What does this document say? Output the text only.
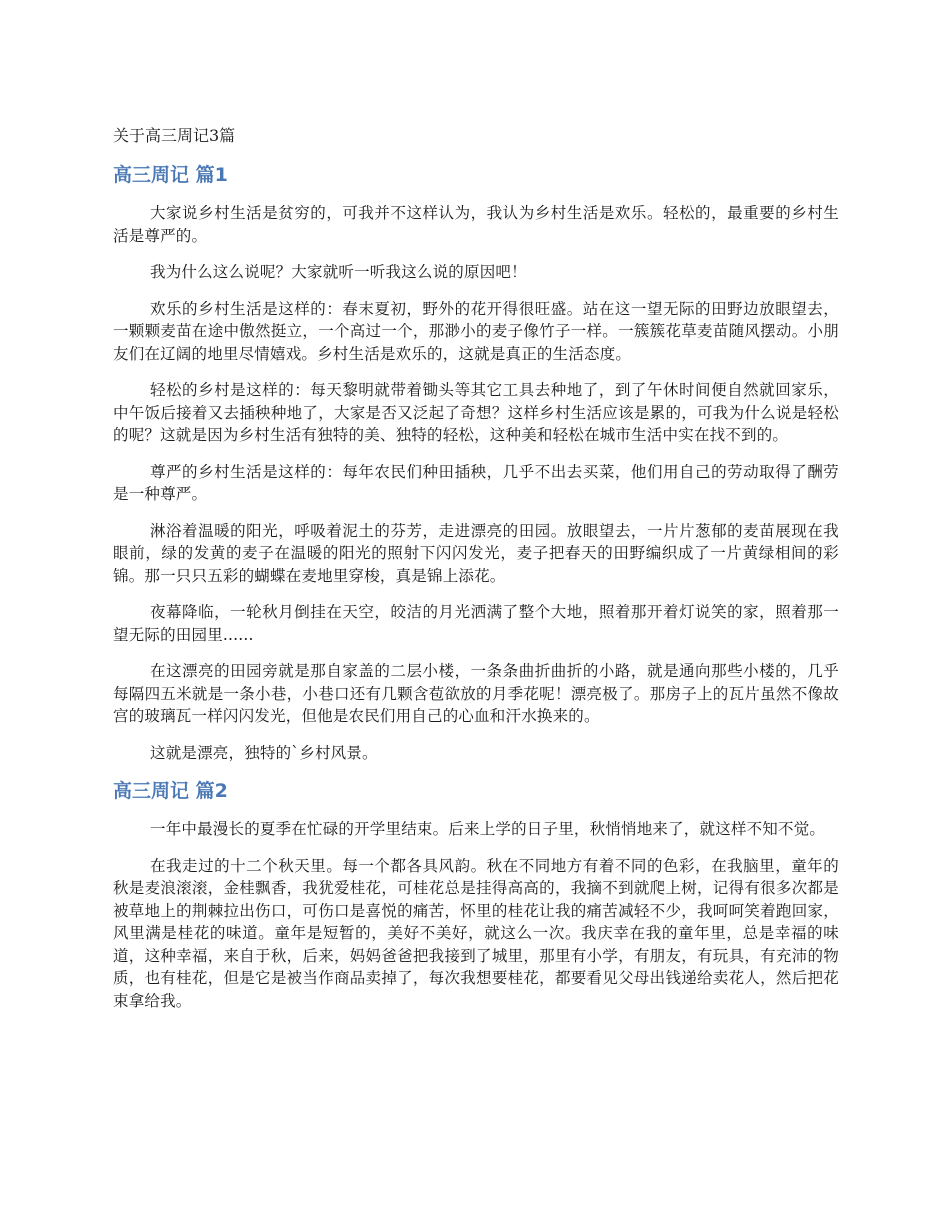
关于高三周记3篇
高三周记 篇1

大家说乡村生活是贫穷的，可我并不这样认为，我认为乡村生活是欢乐。轻松的，最重要的乡村生活是尊严的。

我为什么这么说呢？大家就听一听我这么说的原因吧！

欢乐的乡村生活是这样的：春末夏初，野外的花开得很旺盛。站在这一望无际的田野边放眼望去，一颗颗麦苗在途中傲然挺立，一个高过一个，那渺小的麦子像竹子一样。一簇簇花草麦苗随风摆动。小朋友们在辽阔的地里尽情嬉戏。乡村生活是欢乐的，这就是真正的生活态度。

轻松的乡村是这样的：每天黎明就带着锄头等其它工具去种地了，到了午休时间便自然就回家乐，中午饭后接着又去插秧种地了，大家是否又泛起了奇想？这样乡村生活应该是累的，可我为什么说是轻松的呢？这就是因为乡村生活有独特的美、独特的轻松，这种美和轻松在城市生活中实在找不到的。

尊严的乡村生活是这样的：每年农民们种田插秧，几乎不出去买菜，他们用自己的劳动取得了酬劳是一种尊严。

淋浴着温暖的阳光，呼吸着泥土的芬芳，走进漂亮的田园。放眼望去，一片片葱郁的麦苗展现在我眼前，绿的发黄的麦子在温暖的阳光的照射下闪闪发光，麦子把春天的田野编织成了一片黄绿相间的彩锦。那一只只五彩的蝴蝶在麦地里穿梭，真是锦上添花。

夜幕降临，一轮秋月倒挂在天空，皎洁的月光洒满了整个大地，照着那开着灯说笑的家，照着那一望无际的田园里......

在这漂亮的田园旁就是那自家盖的二层小楼，一条条曲折曲折的小路，就是通向那些小楼的，几乎每隔四五米就是一条小巷，小巷口还有几颗含苞欲放的月季花呢！漂亮极了。那房子上的瓦片虽然不像故宫的玻璃瓦一样闪闪发光，但他是农民们用自己的心血和汗水换来的。

这就是漂亮，独特的`乡村风景。

高三周记 篇2

一年中最漫长的夏季在忙碌的开学里结束。后来上学的日子里，秋悄悄地来了，就这样不知不觉。

在我走过的十二个秋天里。每一个都各具风韵。秋在不同地方有着不同的色彩，在我脑里，童年的秋是麦浪滚滚，金桂飘香，我犹爱桂花，可桂花总是挂得高高的，我摘不到就爬上树，记得有很多次都是被草地上的荆棘拉出伤口，可伤口是喜悦的痛苦，怀里的桂花让我的痛苦减轻不少，我呵呵笑着跑回家，风里满是桂花的味道。童年是短暂的，美好不美好，就这么一次。我庆幸在我的童年里，总是幸福的味道，这种幸福，来自于秋，后来，妈妈爸爸把我接到了城里，那里有小学，有朋友，有玩具，有充沛的物质，也有桂花，但是它是被当作商品卖掉了，每次我想要桂花，都要看见父母出钱递给卖花人，然后把花束拿给我。
